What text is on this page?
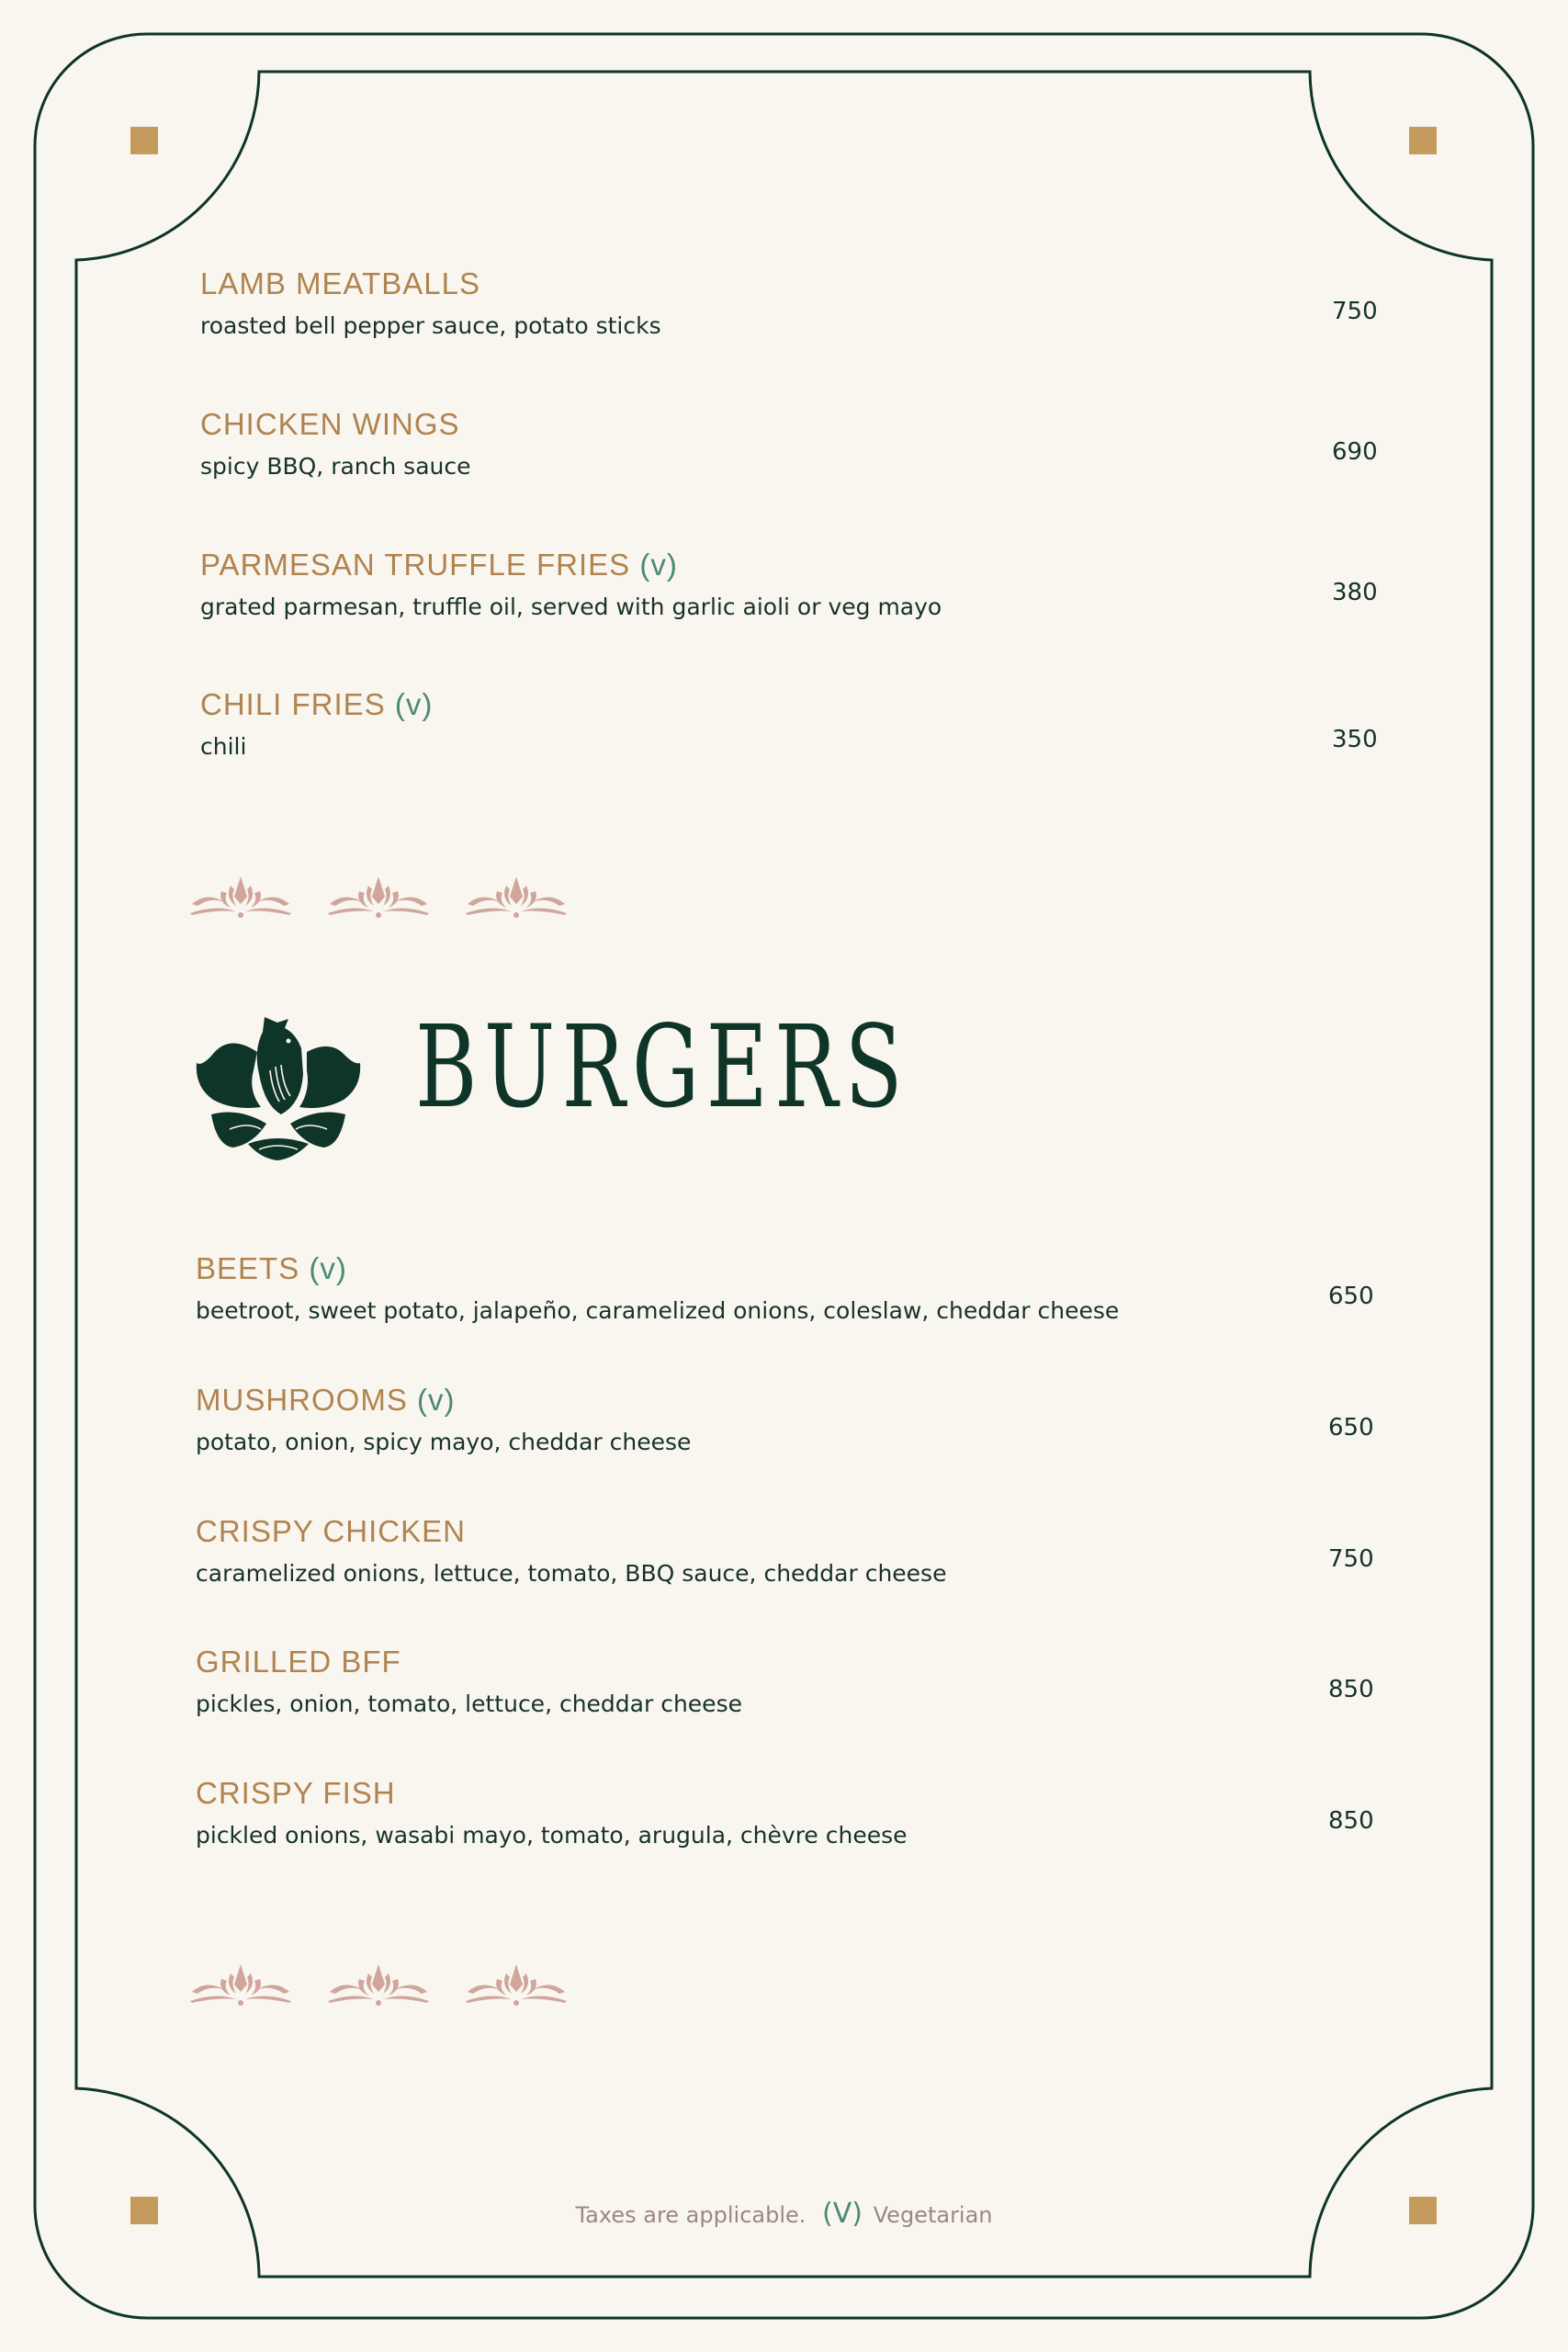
LAMB MEATBALLS
roasted bell pepper sauce, potato sticks
750
CHICKEN WINGS
spicy BBQ, ranch sauce
690
PARMESAN TRUFFLE FRIES (v)
grated parmesan, truffle oil, served with garlic aioli or veg mayo
380
CHILI FRIES (v)
chili	350
BURGERS
BEETS (v)
beetroot, sweet potato, jalapeño, caramelized onions, coleslaw, cheddar cheese
650
MUSHROOMS (v)
potato, onion, spicy mayo, cheddar cheese
650
CRISPY CHICKEN
caramelized onions, lettuce, tomato, BBQ sauce, cheddar cheese
750
GRILLED BFF
pickles, onion, tomato, lettuce, cheddar cheese
850
CRISPY FISH
pickled onions, wasabi mayo, tomato, arugula, chèvre cheese
850
Taxes are applicable. (V) Vegetarian
